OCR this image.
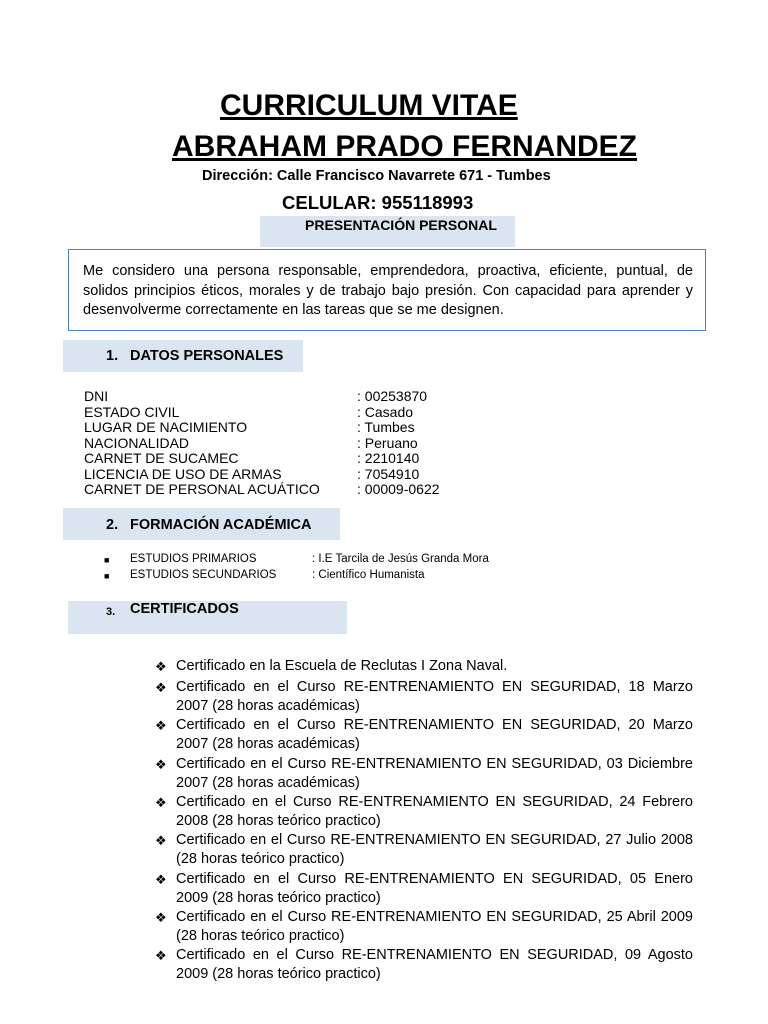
CURRICULUM VITAE
ABRAHAM PRADO FERNANDEZ
Dirección: Calle Francisco Navarrete 671 - Tumbes
CELULAR: 955118993
PRESENTACIÓN PERSONAL
Me considero una persona responsable, emprendedora, proactiva, eficiente, puntual, de solidos principios éticos, morales y de trabajo bajo presión. Con capacidad para aprender y desenvolverme correctamente en las tareas que se me designen.
1. DATOS PERSONALES
DNI	: 00253870
ESTADO CIVIL	: Casado
LUGAR DE NACIMIENTO	: Tumbes
NACIONALIDAD	: Peruano
CARNET DE SUCAMEC	: 2210140
LICENCIA DE USO DE ARMAS	: 7054910
CARNET DE PERSONAL ACUÁTICO	: 00009-0622
2. FORMACIÓN ACADÉMICA
■ ESTUDIOS PRIMARIOS	: I.E Tarcila de Jesús Granda Mora
■ ESTUDIOS SECUNDARIOS	: Científico Humanista
3. CERTIFICADOS
❖ Certificado en la Escuela de Reclutas I Zona Naval.
❖ Certificado en el Curso RE-ENTRENAMIENTO EN SEGURIDAD, 18 Marzo 2007 (28 horas académicas)
❖ Certificado en el Curso RE-ENTRENAMIENTO EN SEGURIDAD, 20 Marzo 2007 (28 horas académicas)
❖ Certificado en el Curso RE-ENTRENAMIENTO EN SEGURIDAD, 03 Diciembre 2007 (28 horas académicas)
❖ Certificado en el Curso RE-ENTRENAMIENTO EN SEGURIDAD, 24 Febrero 2008 (28 horas teórico practico)
❖ Certificado en el Curso RE-ENTRENAMIENTO EN SEGURIDAD, 27 Julio 2008 (28 horas teórico practico)
❖ Certificado en el Curso RE-ENTRENAMIENTO EN SEGURIDAD, 05 Enero 2009 (28 horas teórico practico)
❖ Certificado en el Curso RE-ENTRENAMIENTO EN SEGURIDAD, 25 Abril 2009 (28 horas teórico practico)
❖ Certificado en el Curso RE-ENTRENAMIENTO EN SEGURIDAD, 09 Agosto 2009 (28 horas teórico practico)
